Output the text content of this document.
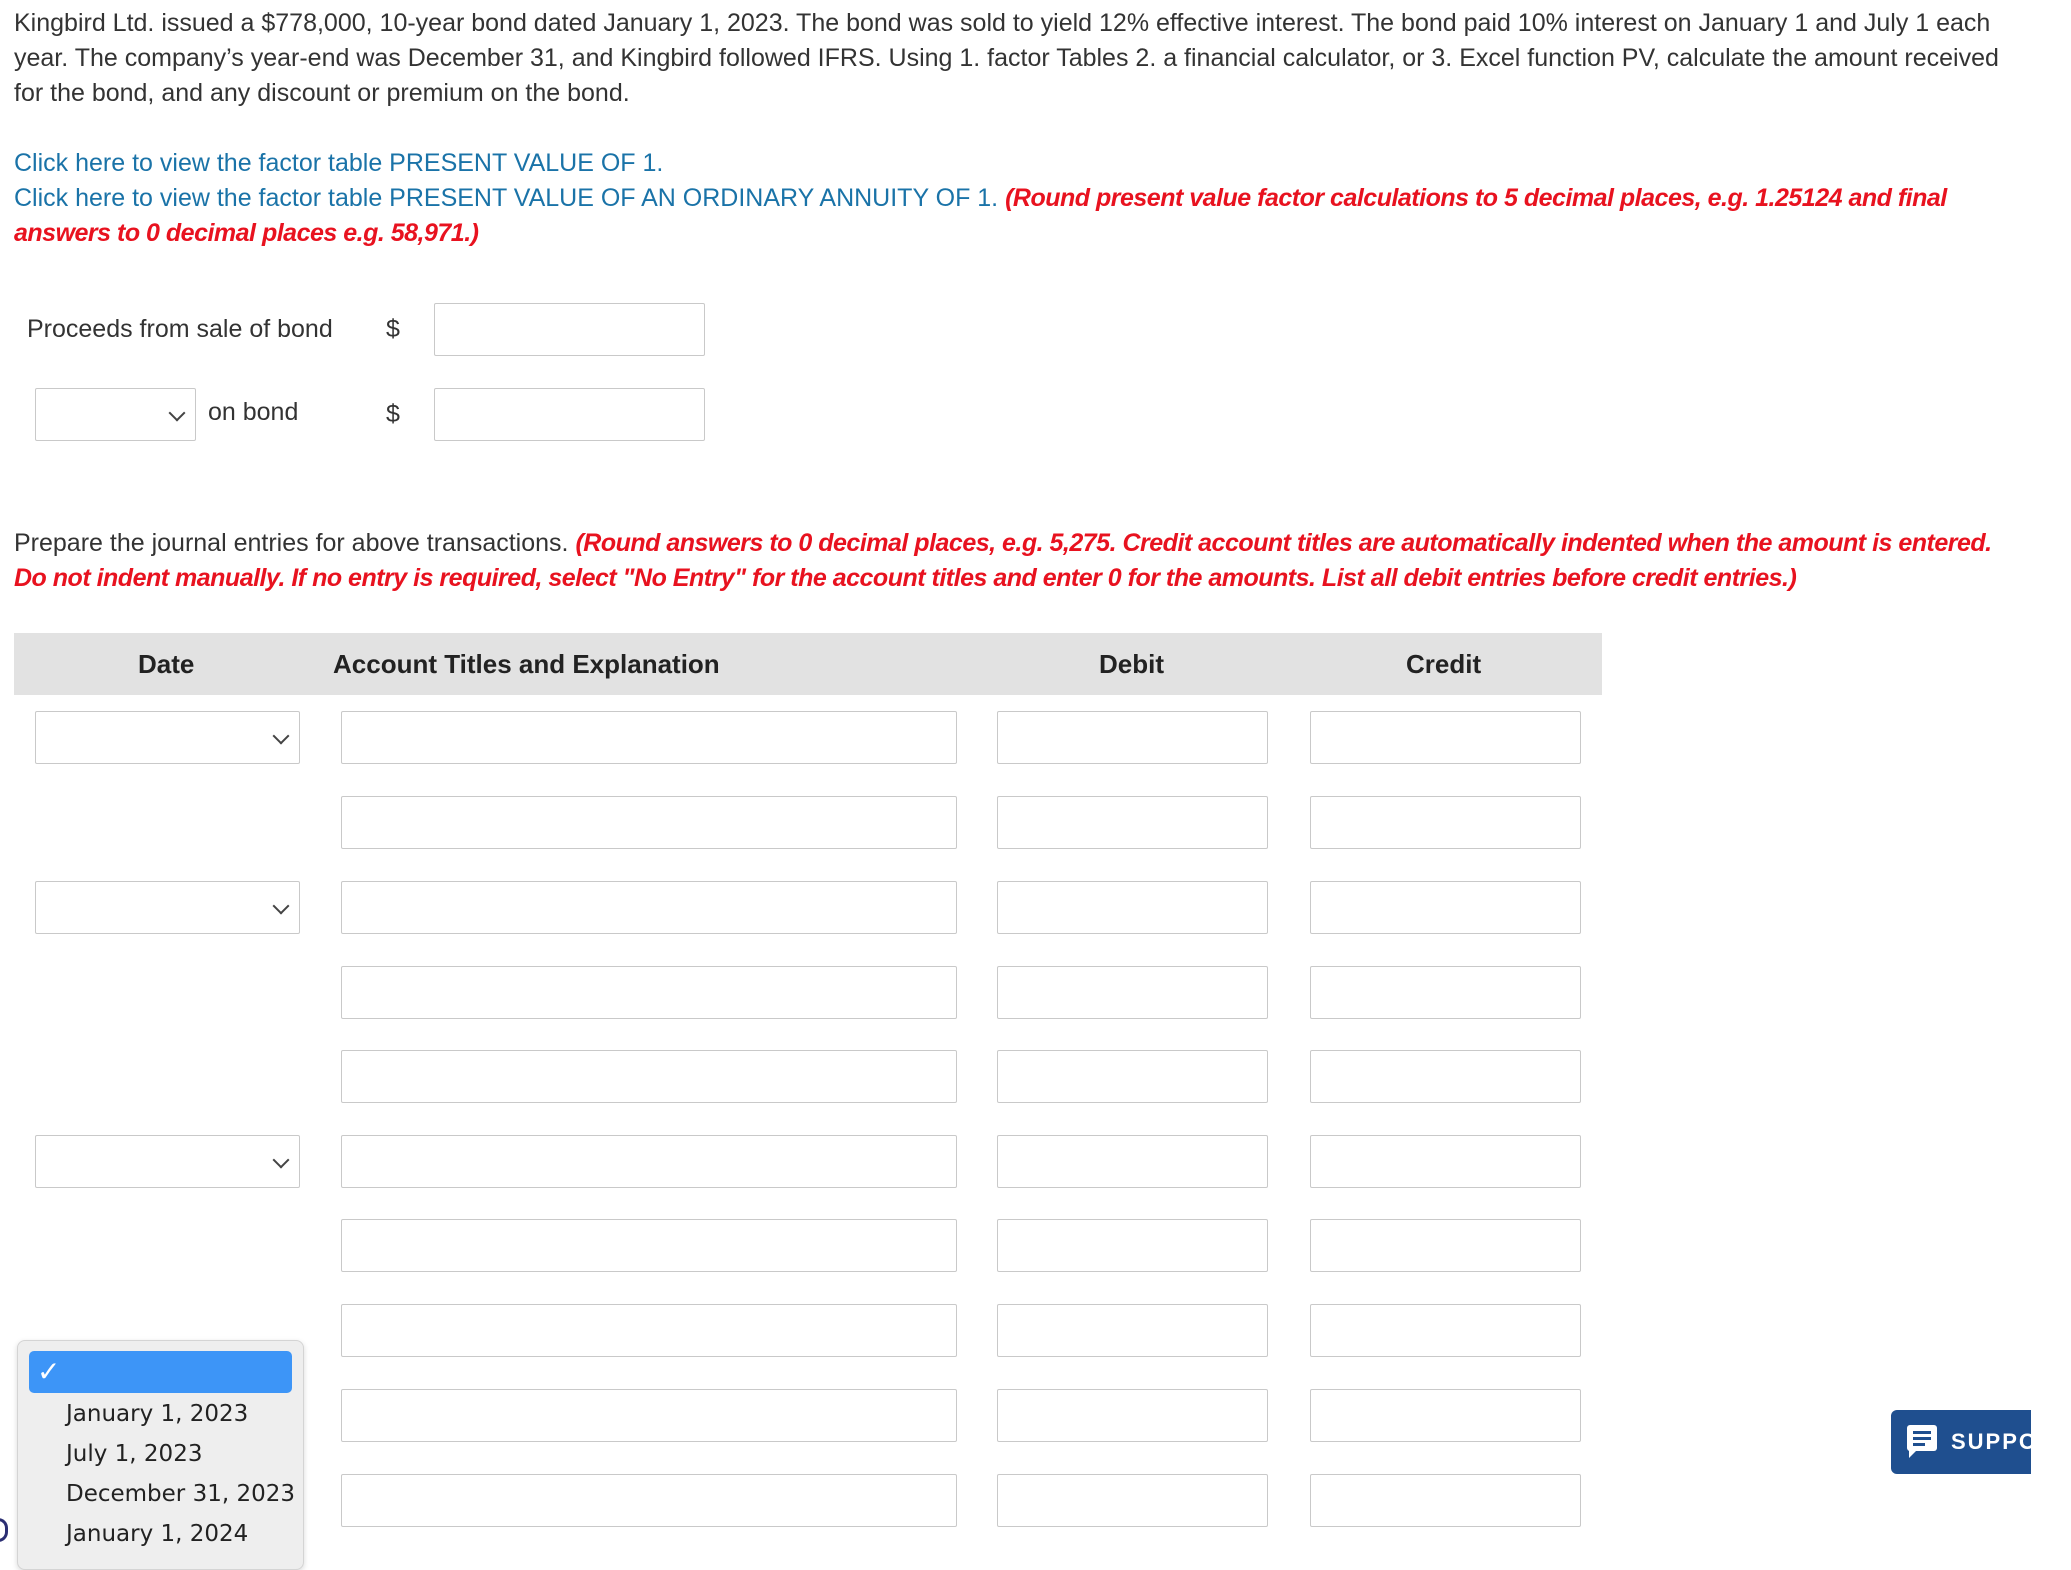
Kingbird Ltd. issued a $778,000, 10-year bond dated January 1, 2023. The bond was sold to yield 12% effective interest. The bond paid 10% interest on January 1 and July 1 each year. The company’s year-end was December 31, and Kingbird followed IFRS. Using 1. factor Tables 2. a financial calculator, or 3. Excel function PV, calculate the amount received for the bond, and any discount or premium on the bond.

Click here to view the factor table PRESENT VALUE OF 1.
Click here to view the factor table PRESENT VALUE OF AN ORDINARY ANNUITY OF 1. (Round present value factor calculations to 5 decimal places, e.g. 1.25124 and final answers to 0 decimal places e.g. 58,971.)
Proceeds from sale of bond $
on bond	$
Prepare the journal entries for above transactions. (Round answers to 0 decimal places, e.g. 5,275. Credit account titles are automatically indented when the amount is entered. Do not indent manually. If no entry is required, select "No Entry" for the account titles and enter 0 for the amounts. List all debit entries before credit entries.)
Date	Account Titles and Explanation	Debit	Credit
✓
January 1, 2023
July 1, 2023
December 31, 2023
January 1, 2024
SUPPORT
